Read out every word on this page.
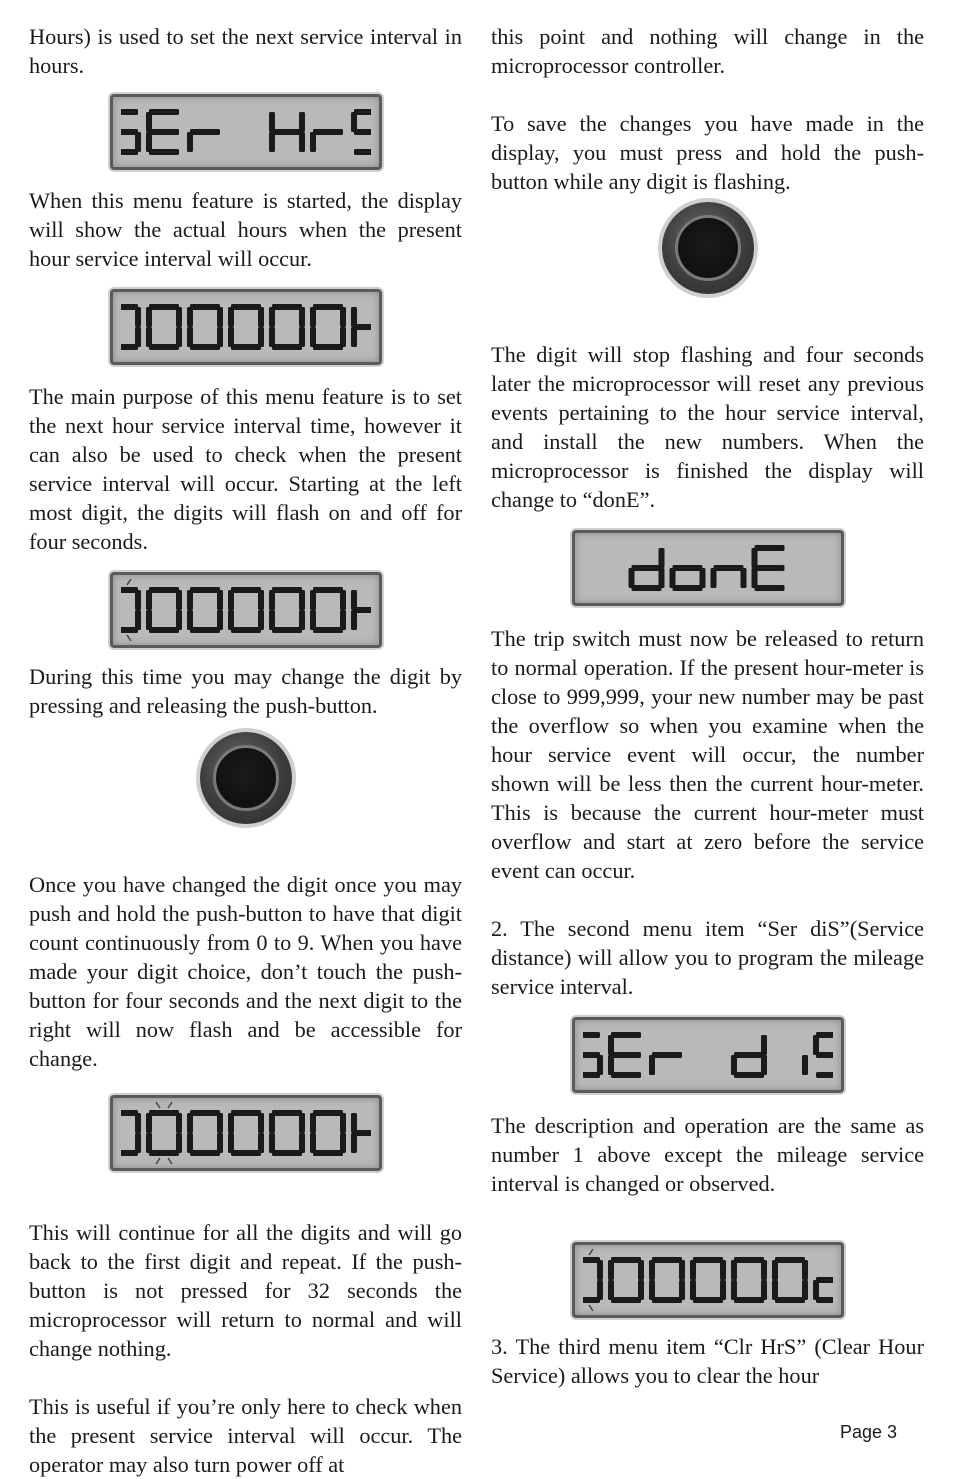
Hours) is used to set the next service interval in hours.

When this menu feature is started, the display will show the actual hours when the present hour service interval will occur.

The main purpose of this menu feature is to set the next hour service interval time, however it can also be used to check when the present service interval will occur. Starting at the left most digit, the digits will flash on and off for four seconds.

During this time you may change the digit by pressing and releasing the push-button.

Once you have changed the digit once you may push and hold the push-button to have that digit count continuously from 0 to 9. When you have made your digit choice, don’t touch the push-button for four seconds and the next digit to the right will now flash and be accessible for change.

This will continue for all the digits and will go back to the first digit and repeat. If the push-button is not pressed for 32 seconds the microprocessor will return to normal and will change nothing.

This is useful if you’re only here to check when the present service interval will occur. The operator may also turn power off at

this point and nothing will change in the microprocessor controller.

To save the changes you have made in the display, you must press and hold the push-button while any digit is flashing.

The digit will stop flashing and four seconds later the microprocessor will reset any previous events pertaining to the hour service interval, and install the new numbers. When the microprocessor is finished the display will change to “donE”.

The trip switch must now be released to return to normal operation. If the present hour-meter is close to 999,999, your new number may be past the overflow so when you examine when the hour service event will occur, the number shown will be less then the current hour-meter. This is because the current hour-meter must overflow and start at zero before the service event can occur.

2. The second menu item “Ser diS”(Service distance) will allow you to program the mileage service interval.

The description and operation are the same as number 1 above except the mileage service interval is changed or observed.

3. The third menu item “Clr HrS” (Clear Hour Service) allows you to clear the hour

Page 3
